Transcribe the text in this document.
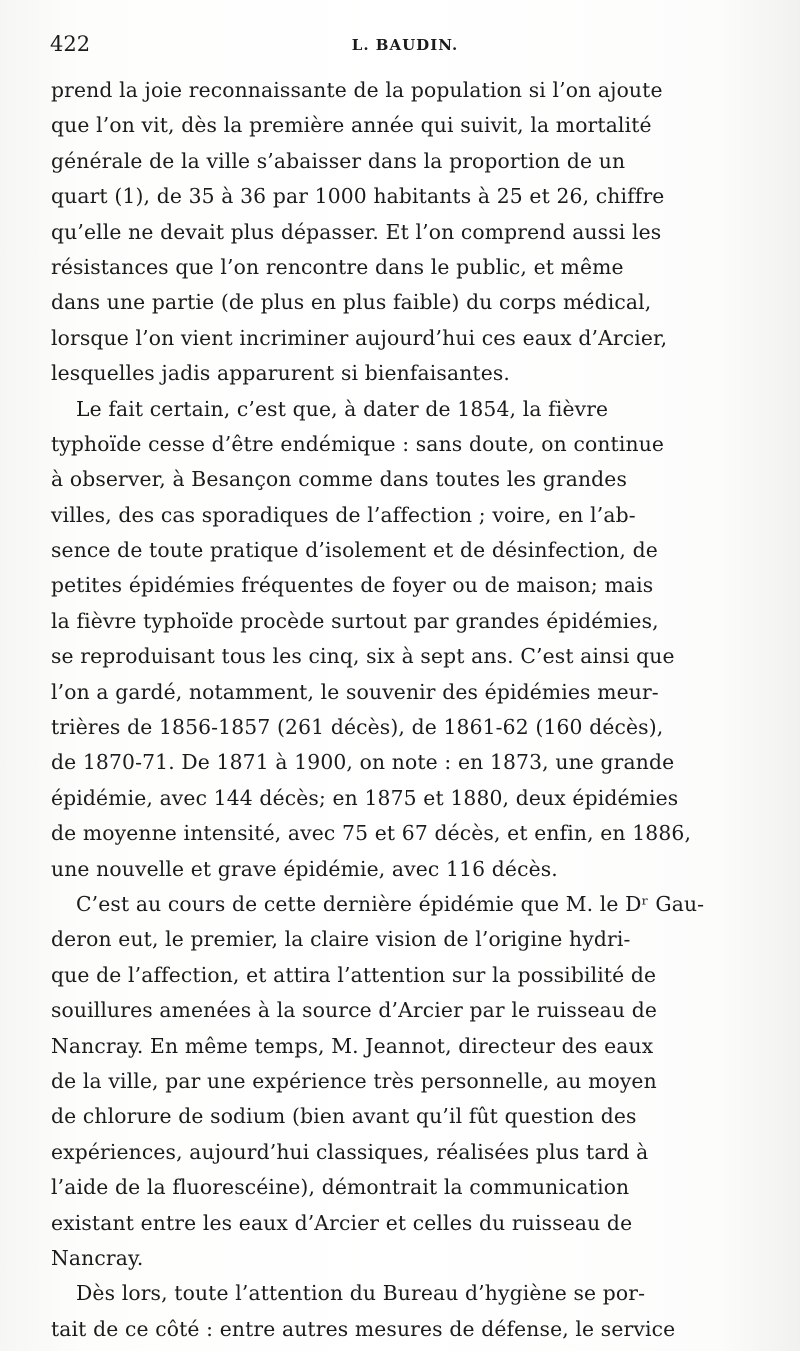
422	L. BAUDIN.
prend la joie reconnaissante de la population si l’on ajoute
que l’on vit, dès la première année qui suivit, la mortalité
générale de la ville s’abaisser dans la proportion de un
quart (1), de 35 à 36 par 1000 habitants à 25 et 26, chiffre
qu’elle ne devait plus dépasser. Et l’on comprend aussi les
résistances que l’on rencontre dans le public, et même
dans une partie (de plus en plus faible) du corps médical,
lorsque l’on vient incriminer aujourd’hui ces eaux d’Arcier,
lesquelles jadis apparurent si bienfaisantes.
Le fait certain, c’est que, à dater de 1854, la fièvre
typhoïde cesse d’être endémique : sans doute, on continue
à observer, à Besançon comme dans toutes les grandes
villes, des cas sporadiques de l’affection ; voire, en l’ab-
sence de toute pratique d’isolement et de désinfection, de
petites épidémies fréquentes de foyer ou de maison; mais
la fièvre typhoïde procède surtout par grandes épidémies,
se reproduisant tous les cinq, six à sept ans. C’est ainsi que
l’on a gardé, notamment, le souvenir des épidémies meur-
trières de 1856-1857 (261 décès), de 1861-62 (160 décès),
de 1870-71. De 1871 à 1900, on note : en 1873, une grande
épidémie, avec 144 décès; en 1875 et 1880, deux épidémies
de moyenne intensité, avec 75 et 67 décès, et enfin, en 1886,
une nouvelle et grave épidémie, avec 116 décès.
C’est au cours de cette dernière épidémie que M. le Dʳ Gau-
deron eut, le premier, la claire vision de l’origine hydri-
que de l’affection, et attira l’attention sur la possibilité de
souillures amenées à la source d’Arcier par le ruisseau de
Nancray. En même temps, M. Jeannot, directeur des eaux
de la ville, par une expérience très personnelle, au moyen
de chlorure de sodium (bien avant qu’il fût question des
expériences, aujourd’hui classiques, réalisées plus tard à
l’aide de la fluorescéine), démontrait la communication
existant entre les eaux d’Arcier et celles du ruisseau de
Nancray.
Dès lors, toute l’attention du Bureau d’hygiène se por-
tait de ce côté : entre autres mesures de défense, le service
